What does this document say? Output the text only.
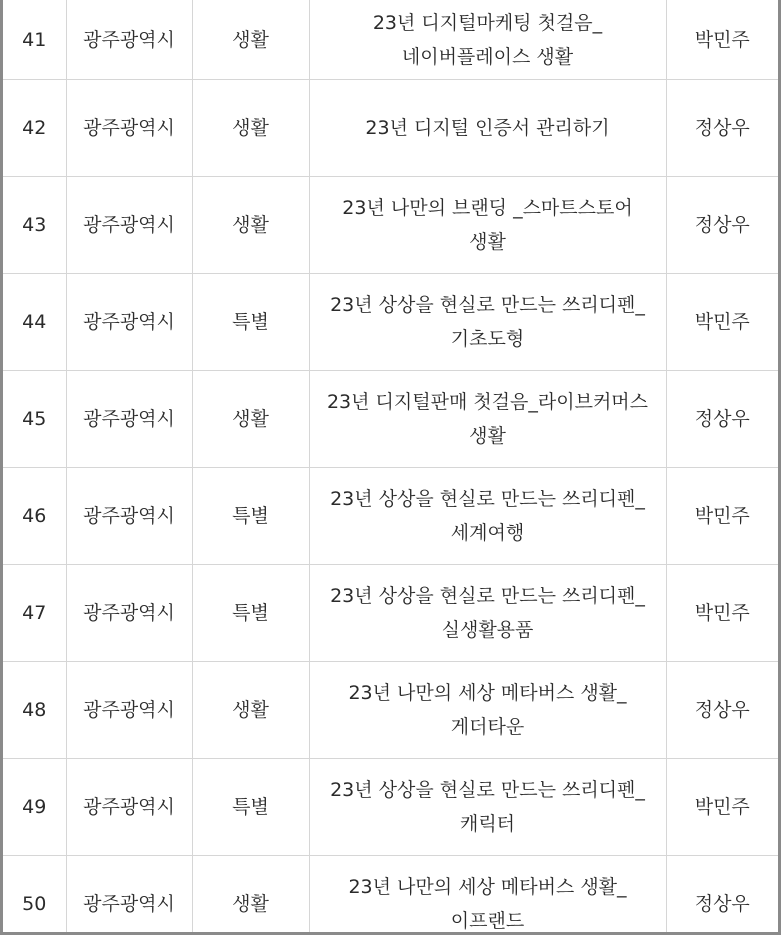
41	광주광역시	생활	23년 디지털마케팅 첫걸음_네이버플레이스 생활	박민주
42	광주광역시	생활	23년 디지털 인증서 관리하기	정상우
43	광주광역시	생활	23년 나만의 브랜딩 _스마트스토어 생활	정상우
44	광주광역시	특별	23년 상상을 현실로 만드는 쓰리디펜_기초도형	박민주
45	광주광역시	생활	23년 디지털판매 첫걸음_라이브커머스 생활	정상우
46	광주광역시	특별	23년 상상을 현실로 만드는 쓰리디펜_세계여행	박민주
47	광주광역시	특별	23년 상상을 현실로 만드는 쓰리디펜_실생활용품	박민주
48	광주광역시	생활	23년 나만의 세상 메타버스 생활_게더타운	정상우
49	광주광역시	특별	23년 상상을 현실로 만드는 쓰리디펜_캐릭터	박민주
50	광주광역시	생활	23년 나만의 세상 메타버스 생활_이프랜드	정상우
